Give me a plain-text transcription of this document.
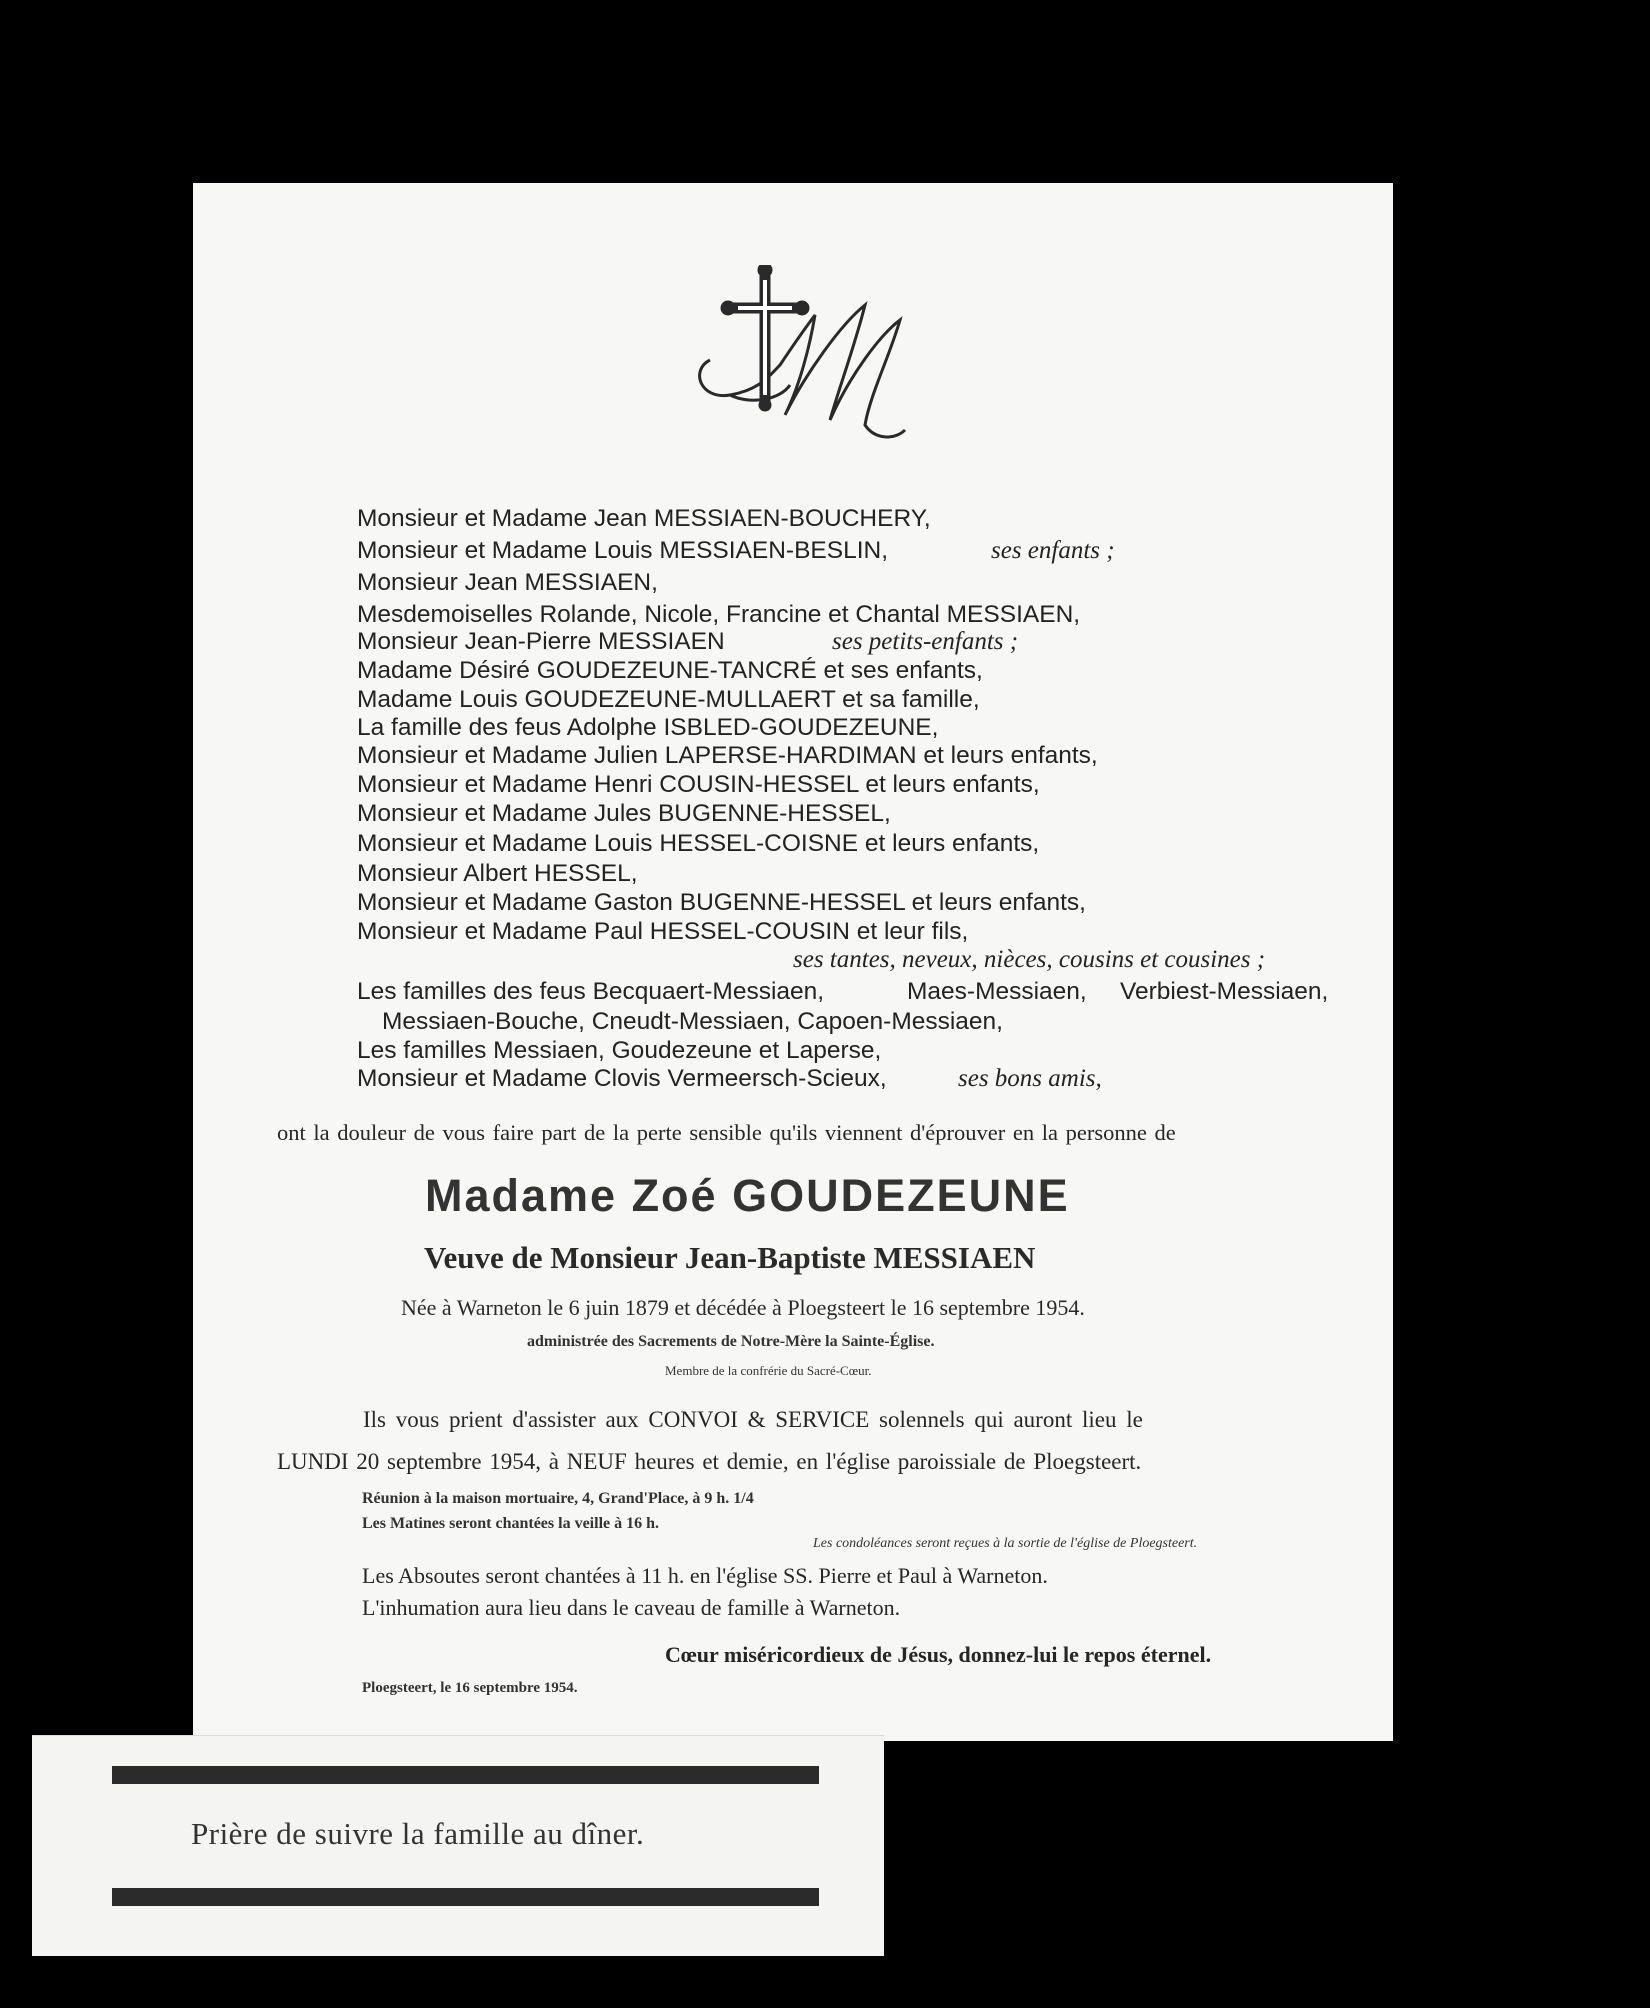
Monsieur et Madame Jean MESSIAEN-BOUCHERY,
Monsieur et Madame Louis MESSIAEN-BESLIN,	ses enfants ;
Monsieur Jean MESSIAEN,
Mesdemoiselles Rolande, Nicole, Francine et Chantal MESSIAEN,
Monsieur Jean-Pierre MESSIAEN	ses petits-enfants ;
Madame Désiré GOUDEZEUNE-TANCRÉ et ses enfants,
Madame Louis GOUDEZEUNE-MULLAERT et sa famille,
La famille des feus Adolphe ISBLED-GOUDEZEUNE,
Monsieur et Madame Julien LAPERSE-HARDIMAN et leurs enfants,
Monsieur et Madame Henri COUSIN-HESSEL et leurs enfants,
Monsieur et Madame Jules BUGENNE-HESSEL,
Monsieur et Madame Louis HESSEL-COISNE et leurs enfants,
Monsieur Albert HESSEL,
Monsieur et Madame Gaston BUGENNE-HESSEL et leurs enfants,
Monsieur et Madame Paul HESSEL-COUSIN et leur fils,
ses tantes, neveux, nièces, cousins et cousines ;
Les familles des feus Becquaert-Messiaen,	Maes-Messiaen, Verbiest-Messiaen,
Messiaen-Bouche, Cneudt-Messiaen, Capoen-Messiaen,
Les familles Messiaen, Goudezeune et Laperse,
Monsieur et Madame Clovis Vermeersch-Scieux,	ses bons amis,
ont la douleur de vous faire part de la perte sensible qu'ils viennent d'éprouver en la personne de
Madame Zoé GOUDEZEUNE
Veuve de Monsieur Jean-Baptiste MESSIAEN
Née à Warneton le 6 juin 1879 et décédée à Ploegsteert le 16 septembre 1954.
administrée des Sacrements de Notre-Mère la Sainte-Église.
Membre de la confrérie du Sacré-Cœur.
Ils vous prient d'assister aux CONVOI & SERVICE solennels qui auront lieu le
LUNDI 20 septembre 1954, à NEUF heures et demie, en l'église paroissiale de Ploegsteert.
Réunion à la maison mortuaire, 4, Grand'Place, à 9 h. 1/4
Les Matines seront chantées la veille à 16 h.
Les condoléances seront reçues à la sortie de l'église de Ploegsteert.
Les Absoutes seront chantées à 11 h. en l'église SS. Pierre et Paul à Warneton.
L'inhumation aura lieu dans le caveau de famille à Warneton.
Cœur miséricordieux de Jésus, donnez-lui le repos éternel.
Ploegsteert, le 16 septembre 1954.
Prière de suivre la famille au dîner.
